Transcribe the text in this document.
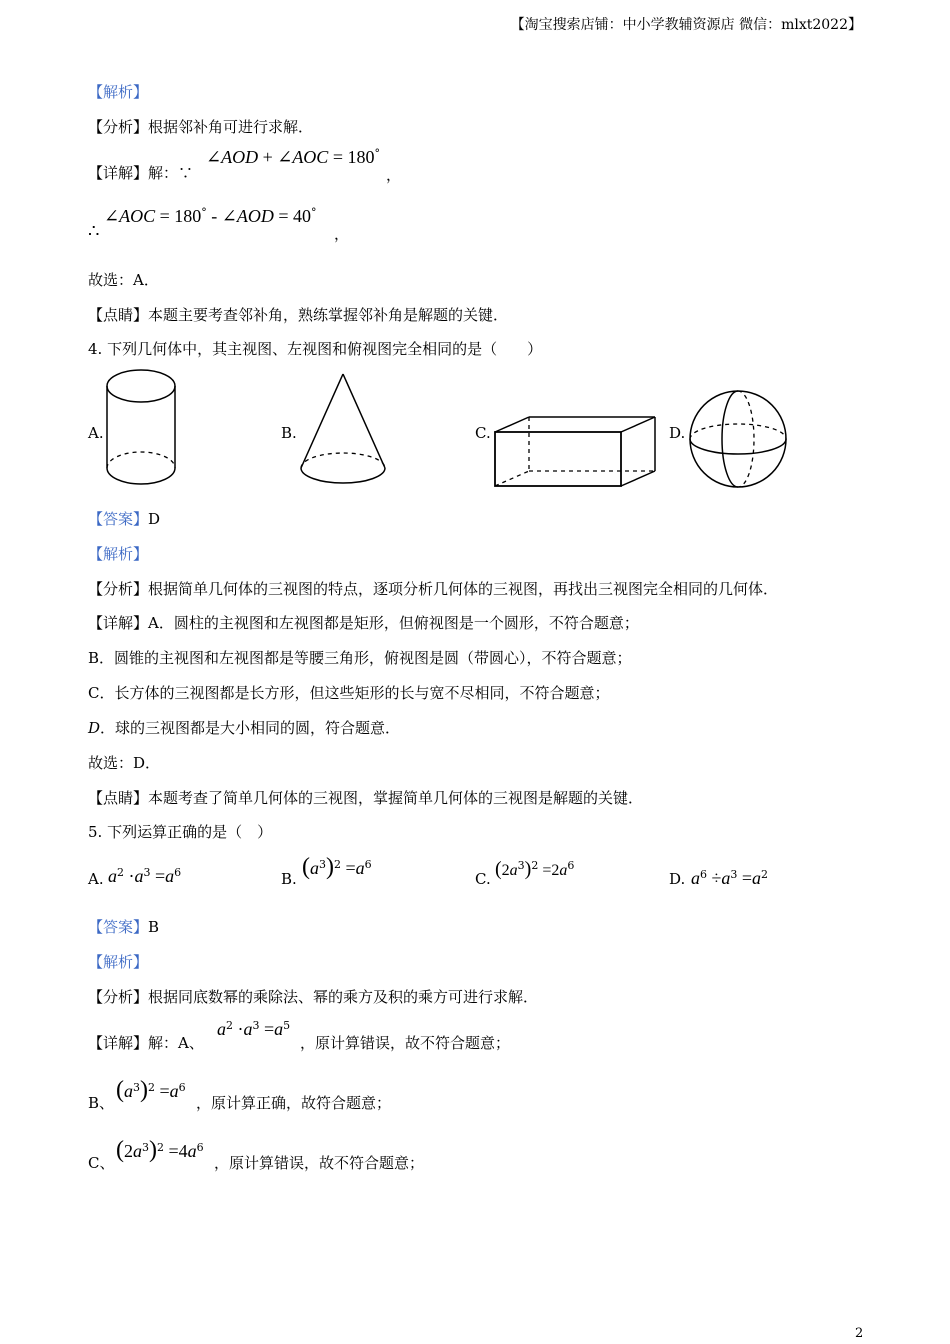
【淘宝搜索店铺：中小学教辅资源店 微信：mlxt2022】
【解析】
【分析】根据邻补角可进行求解．
【详解】解：∵
∠AOD + ∠AOC = 180°
，
∴
∠AOC = 180° - ∠AOD = 40°
，
故选：A．
【点睛】本题主要考查邻补角，熟练掌握邻补角是解题的关键．
4. 下列几何体中，其主视图、左视图和俯视图完全相同的是（　　）
A.	B.	C.	D.
【答案】D
【解析】
【分析】根据简单几何体的三视图的特点，逐项分析几何体的三视图，再找出三视图完全相同的几何体．
【详解】A．圆柱的主视图和左视图都是矩形，但俯视图是一个圆形，不符合题意；
B．圆锥的主视图和左视图都是等腰三角形，俯视图是圆（带圆心），不符合题意；
C．长方体的三视图都是长方形，但这些矩形的长与宽不尽相同，不符合题意；
D．球的三视图都是大小相同的圆，符合题意．
故选：D．
【点睛】本题考查了简单几何体的三视图，掌握简单几何体的三视图是解题的关键．
5. 下列运算正确的是（　）
A. $a^2 \cdot a^3 =a^6$	B. $(a^3)^2 =a^6$
C. $(2a^3)^2 =2a^6$
D. $a^6 \div a^3 =a^2$
【答案】B
【解析】
【分析】根据同底数幂的乘除法、幂的乘方及积的乘方可进行求解．
【详解】解：A、
$a^2 \cdot a^3 =a^5$
，原计算错误，故不符合题意；
B、 $(a^3)^2 =a^6$
，原计算正确，故符合题意；
C、 $(2a^3)^2 =4a^6$
，原计算错误，故不符合题意；
2
